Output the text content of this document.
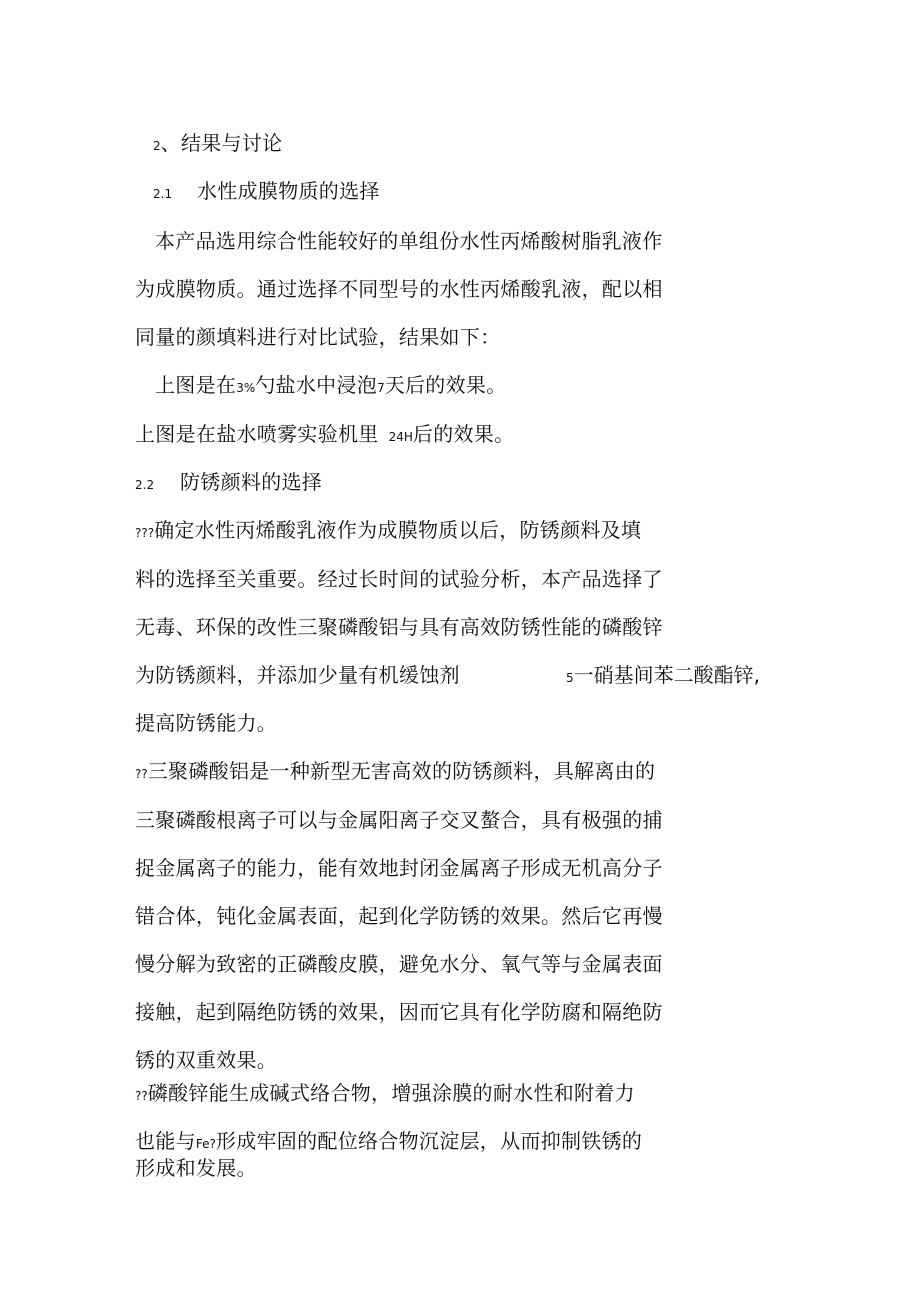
2、结果与讨论
2.1 水性成膜物质的选择
本产品选用综合性能较好的单组份水性丙烯酸树脂乳液作
为成膜物质。通过选择不同型号的水性丙烯酸乳液，配以相
同量的颜填料进行对比试验，结果如下：
上图是在3%勺盐水中浸泡7天后的效果。
上图是在盐水喷雾实验机里 24H后的效果。
2.2 防锈颜料的选择
???确定水性丙烯酸乳液作为成膜物质以后，防锈颜料及填
料的选择至关重要。经过长时间的试验分析，本产品选择了
无毒、环保的改性三聚磷酸铝与具有高效防锈性能的磷酸锌
为防锈颜料，并添加少量有机缓蚀剂	5一硝基间苯二酸酯锌,
提高防锈能力。
??三聚磷酸铝是一种新型无害高效的防锈颜料，具解离由的
三聚磷酸根离子可以与金属阳离子交叉螯合，具有极强的捕
捉金属离子的能力，能有效地封闭金属离子形成无机高分子
错合体，钝化金属表面，起到化学防锈的效果。然后它再慢
慢分解为致密的正磷酸皮膜，避免水分、氧气等与金属表面
接触，起到隔绝防锈的效果，因而它具有化学防腐和隔绝防
锈的双重效果。
??磷酸锌能生成碱式络合物，增强涂膜的耐水性和附着力
也能与Fe?形成牢固的配位络合物沉淀层，从而抑制铁锈的
形成和发展。
